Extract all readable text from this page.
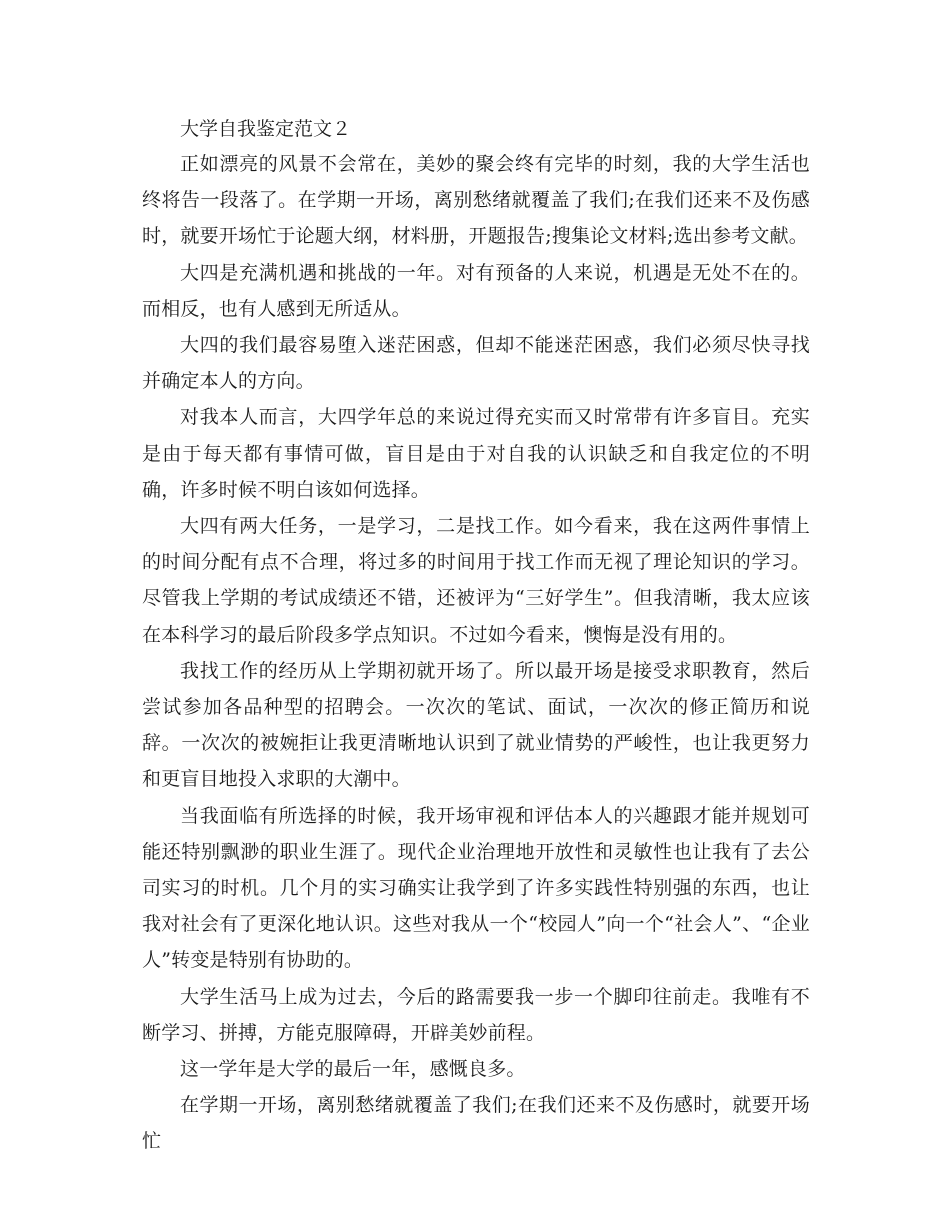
大学自我鉴定范文２

正如漂亮的风景不会常在，美妙的聚会终有完毕的时刻，我的大学生活也终将告一段落了。在学期一开场，离别愁绪就覆盖了我们;在我们还来不及伤感时，就要开场忙于论题大纲，材料册，开题报告;搜集论文材料;选出参考文献。

大四是充满机遇和挑战的一年。对有预备的人来说，机遇是无处不在的。而相反，也有人感到无所适从。

大四的我们最容易堕入迷茫困惑，但却不能迷茫困惑，我们必须尽快寻找并确定本人的方向。

对我本人而言，大四学年总的来说过得充实而又时常带有许多盲目。充实是由于每天都有事情可做，盲目是由于对自我的认识缺乏和自我定位的不明确，许多时候不明白该如何选择。

大四有两大任务，一是学习，二是找工作。如今看来，我在这两件事情上的时间分配有点不合理，将过多的时间用于找工作而无视了理论知识的学习。尽管我上学期的考试成绩还不错，还被评为“三好学生”。但我清晰，我太应该在本科学习的最后阶段多学点知识。不过如今看来，懊悔是没有用的。

我找工作的经历从上学期初就开场了。所以最开场是接受求职教育，然后尝试参加各品种型的招聘会。一次次的笔试、面试，一次次的修正简历和说辞。一次次的被婉拒让我更清晰地认识到了就业情势的严峻性，也让我更努力和更盲目地投入求职的大潮中。

当我面临有所选择的时候，我开场审视和评估本人的兴趣跟才能并规划可能还特别飘渺的职业生涯了。现代企业治理地开放性和灵敏性也让我有了去公司实习的时机。几个月的实习确实让我学到了许多实践性特别强的东西，也让我对社会有了更深化地认识。这些对我从一个“校园人”向一个“社会人”、“企业人”转变是特别有协助的。

大学生活马上成为过去，今后的路需要我一步一个脚印往前走。我唯有不断学习、拼搏，方能克服障碍，开辟美妙前程。

这一学年是大学的最后一年，感慨良多。

在学期一开场，离别愁绪就覆盖了我们;在我们还来不及伤感时，就要开场忙
